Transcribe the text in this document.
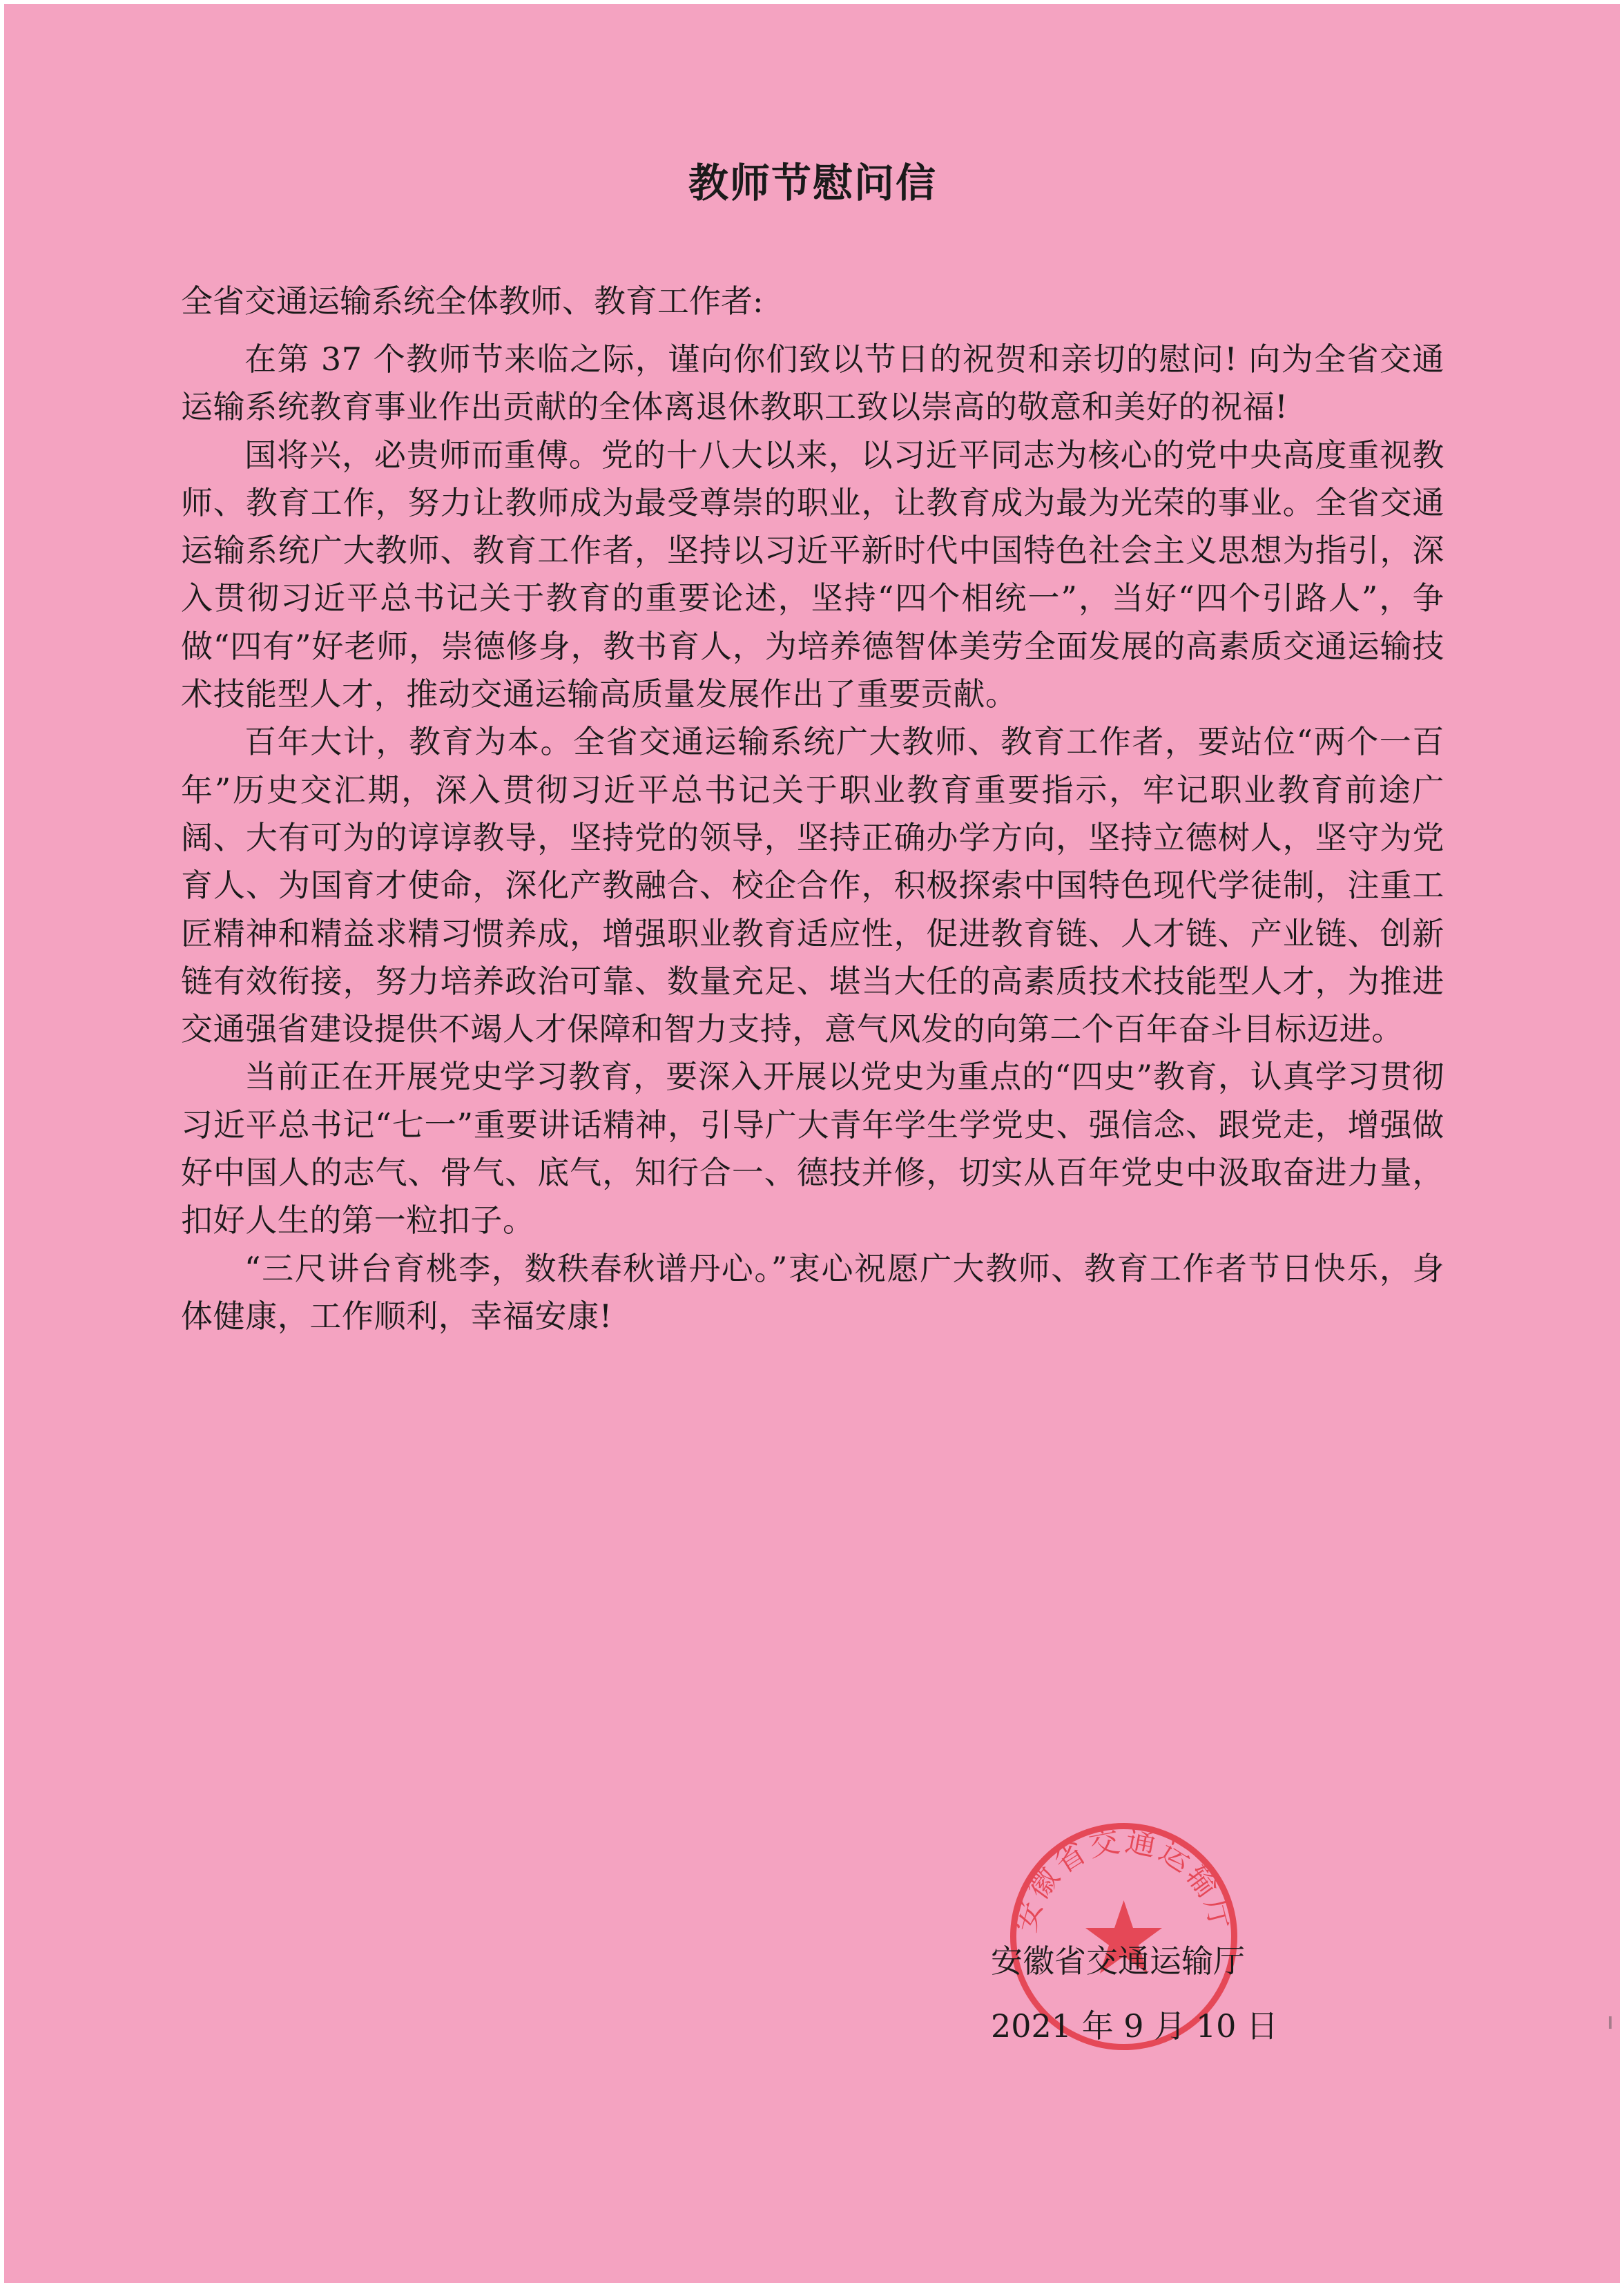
教师节慰问信
全省交通运输系统全体教师、教育工作者:

在第 37 个教师节来临之际，谨向你们致以节日的祝贺和亲切的慰问! 向为全省交通运输系统教育事业作出贡献的全体离退休教职工致以崇高的敬意和美好的祝福!

国将兴，必贵师而重傅。党的十八大以来，以习近平同志为核心的党中央高度重视教师、教育工作，努力让教师成为最受尊崇的职业，让教育成为最为光荣的事业。全省交通运输系统广大教师、教育工作者，坚持以习近平新时代中国特色社会主义思想为指引，深入贯彻习近平总书记关于教育的重要论述，坚持“四个相统一”，当好“四个引路人”，争做“四有”好老师，崇德修身，教书育人，为培养德智体美劳全面发展的高素质交通运输技术技能型人才，推动交通运输高质量发展作出了重要贡献。

百年大计，教育为本。全省交通运输系统广大教师、教育工作者，要站位“两个一百年”历史交汇期，深入贯彻习近平总书记关于职业教育重要指示，牢记职业教育前途广阔、大有可为的谆谆教导，坚持党的领导，坚持正确办学方向，坚持立德树人，坚守为党育人、为国育才使命，深化产教融合、校企合作，积极探索中国特色现代学徒制，注重工匠精神和精益求精习惯养成，增强职业教育适应性，促进教育链、人才链、产业链、创新链有效衔接，努力培养政治可靠、数量充足、堪当大任的高素质技术技能型人才，为推进交通强省建设提供不竭人才保障和智力支持，意气风发的向第二个百年奋斗目标迈进。

当前正在开展党史学习教育，要深入开展以党史为重点的“四史”教育，认真学习贯彻习近平总书记“七一”重要讲话精神，引导广大青年学生学党史、强信念、跟党走，增强做好中国人的志气、骨气、底气，知行合一、德技并修，切实从百年党史中汲取奋进力量，扣好人生的第一粒扣子。

“三尺讲台育桃李，数秩春秋谱丹心。”衷心祝愿广大教师、教育工作者节日快乐，身体健康，工作顺利，幸福安康!

安徽省交通运输厅
安徽省交通运输厅
2021 年 9 月 10 日
